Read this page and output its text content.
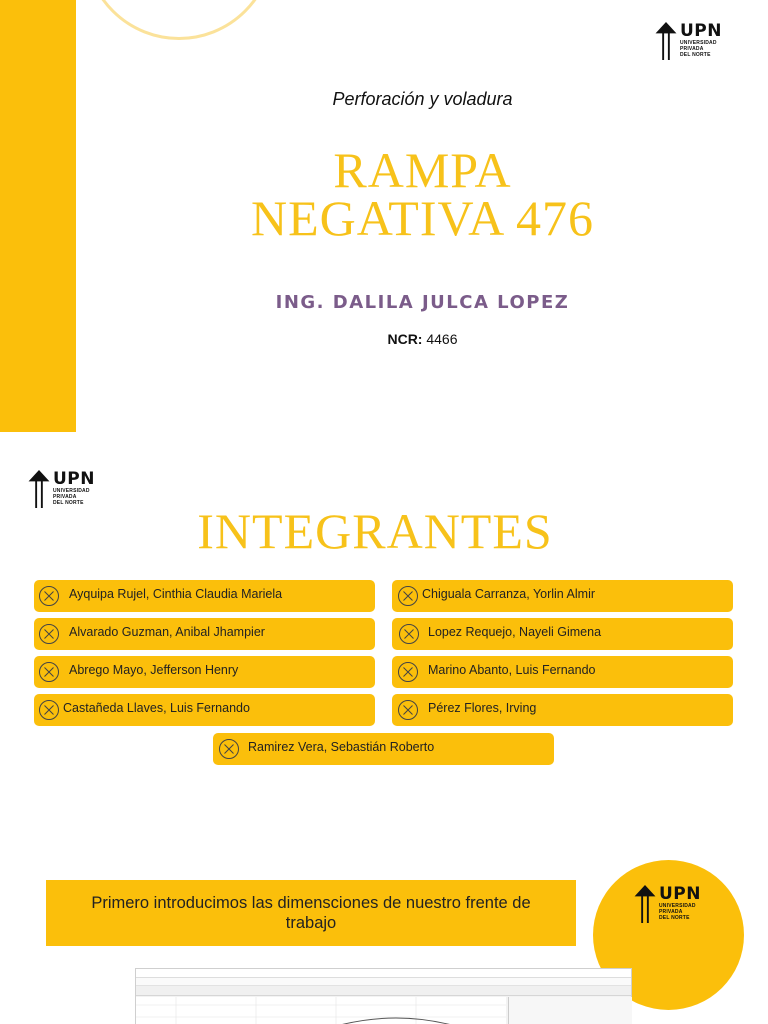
UPN
UNIVERSIDAD
PRIVADA
DEL NORTE
Perforación y voladura
RAMPA
NEGATIVA 476
ING. DALILA JULCA LOPEZ
NCR: 4466
UPN
UNIVERSIDAD
PRIVADA
DEL NORTE	INTEGRANTES
Ayquipa Rujel, Cinthia Claudia Mariela	Chiguala Carranza, Yorlin Almir
Alvarado Guzman, Anibal Jhampier	Lopez Requejo, Nayeli Gimena
Abrego Mayo, Jefferson Henry	Marino Abanto, Luis Fernando
Castañeda Llaves, Luis Fernando	Pérez Flores, Irving
Ramirez Vera, Sebastián Roberto
UPN
UNIVERSIDAD
PRIVADA
DEL NORTE
Primero introducimos las dimensciones de nuestro frente de trabajo
